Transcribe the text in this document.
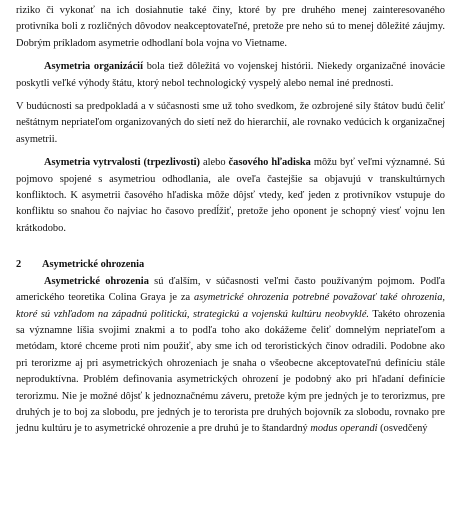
riziko či vykonať na ich dosiahnutie také činy, ktoré by pre druhého menej zainteresovaného protivníka boli z rozličných dôvodov neakceptovateľné, pretože pre neho sú to menej dôležité záujmy. Dobrým príkladom asymetrie odhodlaní bola vojna vo Vietname.

Asymetria organizácií bola tiež dôležitá vo vojenskej histórii. Niekedy organizačné inovácie poskytli veľké výhody štátu, ktorý nebol technologický vyspelý alebo nemal iné prednosti.

V budúcnosti sa predpokladá a v súčasnosti sme už toho svedkom, že ozbrojené sily štátov budú čeliť neštátnym nepriateľom organizovaných do sietí než do hierarchií, ale rovnako vedúcich k organizačnej asymetrii.

Asymetria vytrvalosti (trpezlivosti) alebo časového hľadiska môžu byť veľmi významné. Sú pojmovo spojené s asymetriou odhodlania, ale oveľa častejšie sa objavujú v transkultúrnych konfliktoch. K asymetrii časového hľadiska môže dôjsť vtedy, keď jeden z protivníkov vstupuje do konfliktu so snahou čo najviac ho časovo predĺžiť, pretože jeho oponent je schopný viesť vojnu len krátkodobo.

2 Asymetrické ohrozenia

Asymetrické ohrozenia sú ďalším, v súčasnosti veľmi často používaným pojmom. Podľa amerického teoretika Colina Graya je za asymetrické ohrozenia potrebné považovať také ohrozenia, ktoré sú vzhľadom na západnú politickú, strategickú a vojenskú kultúru neobvyklé. Takéto ohrozenia sa významne líšia svojimi znakmi a to podľa toho ako dokážeme čeliť domnelým nepriateľom a metódam, ktoré chceme proti nim použiť, aby sme ich od teroristických činov odradili. Podobne ako pri terorizme aj pri asymetrických ohrozeniach je snaha o všeobecne akceptovateľnú definíciu stále neproduktívna. Problém definovania asymetrických ohrození je podobný ako pri hľadaní definície terorizmu. Nie je možné dôjsť k jednoznačnému záveru, pretože kým pre jedných je to terorizmus, pre druhých je to boj za slobodu, pre jedných je to terorista pre druhých bojovník za slobodu, rovnako pre jednu kultúru je to asymetrické ohrozenie a pre druhú je to štandardný modus operandi (osvedčený
